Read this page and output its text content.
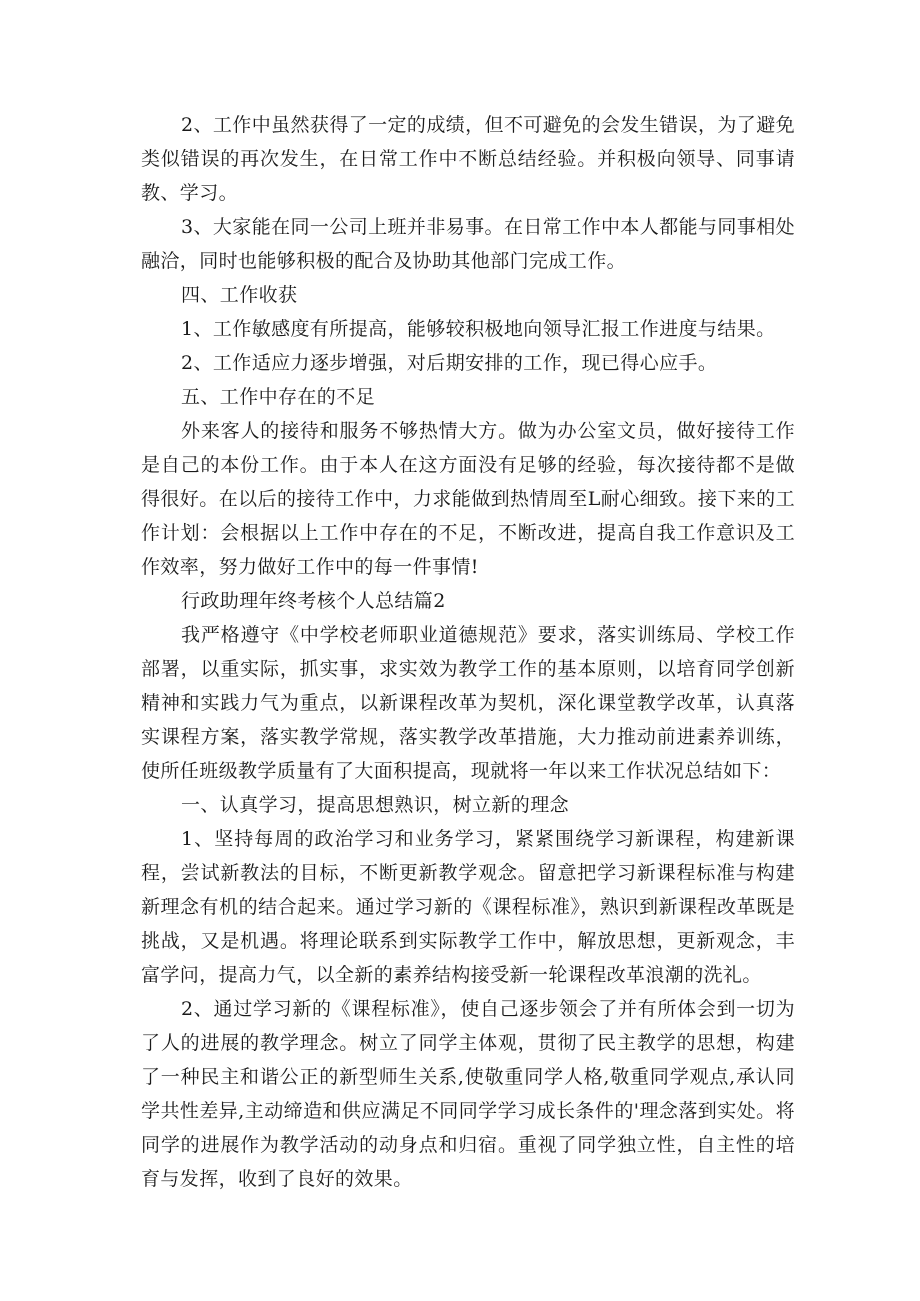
2、工作中虽然获得了一定的成绩，但不可避免的会发生错误，为了避免类似错误的再次发生，在日常工作中不断总结经验。并积极向领导、同事请教、学习。

3、大家能在同一公司上班并非易事。在日常工作中本人都能与同事相处融洽，同时也能够积极的配合及协助其他部门完成工作。

四、工作收获

1、工作敏感度有所提高，能够较积极地向领导汇报工作进度与结果。

2、工作适应力逐步增强，对后期安排的工作，现已得心应手。

五、工作中存在的不足

外来客人的接待和服务不够热情大方。做为办公室文员，做好接待工作是自己的本份工作。由于本人在这方面没有足够的经验，每次接待都不是做得很好。在以后的接待工作中，力求能做到热情周至L耐心细致。接下来的工作计划：会根据以上工作中存在的不足，不断改进，提高自我工作意识及工作效率，努力做好工作中的每一件事情!

行政助理年终考核个人总结篇2

我严格遵守《中学校老师职业道德规范》要求，落实训练局、学校工作部署，以重实际，抓实事，求实效为教学工作的基本原则，以培育同学创新精神和实践力气为重点，以新课程改革为契机，深化课堂教学改革，认真落实课程方案，落实教学常规，落实教学改革措施，大力推动前进素养训练，使所任班级教学质量有了大面积提高，现就将一年以来工作状况总结如下：

一、认真学习，提高思想熟识，树立新的理念

1、坚持每周的政治学习和业务学习，紧紧围绕学习新课程，构建新课程，尝试新教法的目标，不断更新教学观念。留意把学习新课程标准与构建新理念有机的结合起来。通过学习新的《课程标准》，熟识到新课程改革既是挑战，又是机遇。将理论联系到实际教学工作中，解放思想，更新观念，丰富学问，提高力气，以全新的素养结构接受新一轮课程改革浪潮的洗礼。

2、通过学习新的《课程标准》，使自己逐步领会了并有所体会到一切为了人的进展的教学理念。树立了同学主体观，贯彻了民主教学的思想，构建了一种民主和谐公正的新型师生关系,使敬重同学人格,敬重同学观点,承认同学共性差异,主动缔造和供应满足不同同学学习成长条件的'理念落到实处。将同学的进展作为教学活动的动身点和归宿。重视了同学独立性，自主性的培育与发挥，收到了良好的效果。
